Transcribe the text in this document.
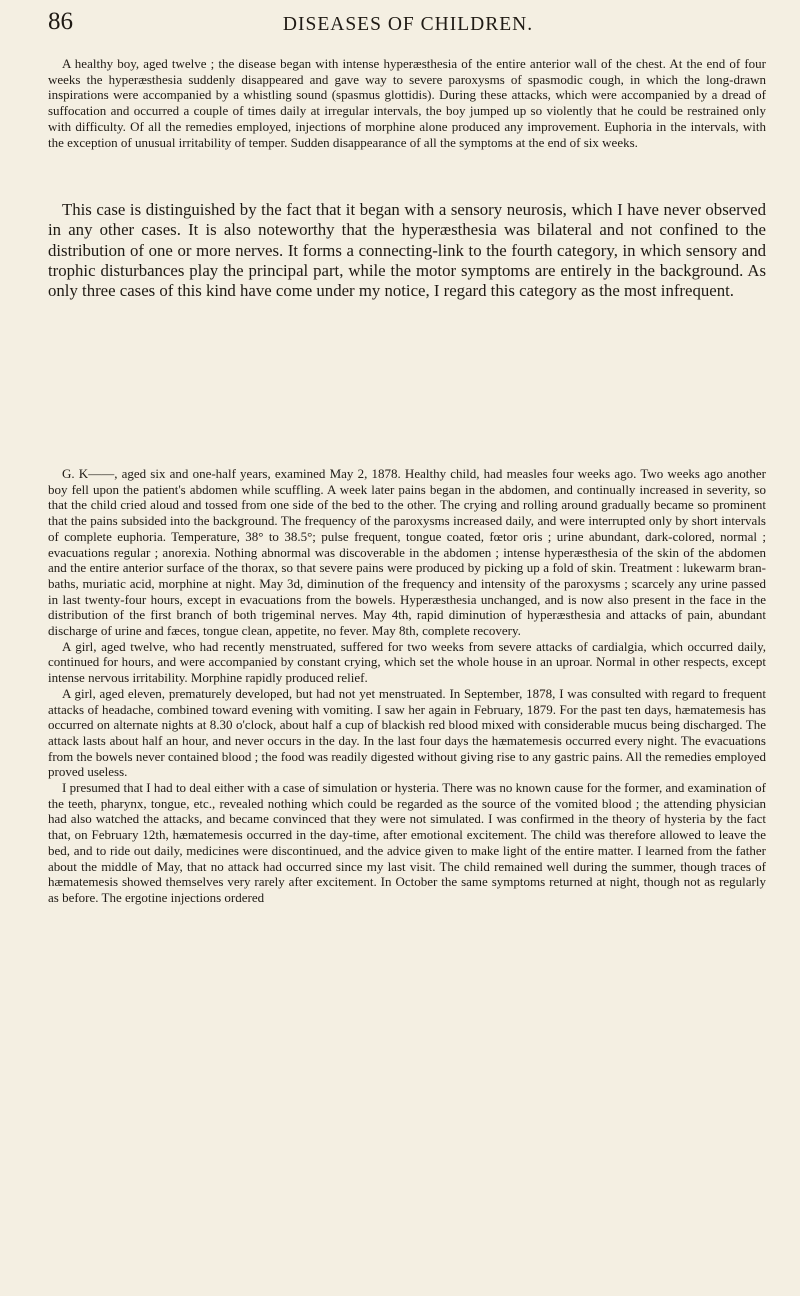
86	DISEASES OF CHILDREN.

A healthy boy, aged twelve ; the disease began with intense hyperæsthesia of the entire anterior wall of the chest. At the end of four weeks the hyperæsthesia suddenly disappeared and gave way to severe paroxysms of spasmodic cough, in which the long-drawn inspirations were accompanied by a whistling sound (spasmus glottidis). During these attacks, which were accompanied by a dread of suffocation and occurred a couple of times daily at irregular intervals, the boy jumped up so violently that he could be restrained only with difficulty. Of all the remedies employed, injections of morphine alone produced any improvement. Euphoria in the intervals, with the exception of unusual irritability of temper. Sudden disappearance of all the symptoms at the end of six weeks.

This case is distinguished by the fact that it began with a sensory neurosis, which I have never observed in any other cases. It is also noteworthy that the hyperæsthesia was bilateral and not confined to the distribution of one or more nerves. It forms a connecting-link to the fourth category, in which sensory and trophic disturbances play the principal part, while the motor symptoms are entirely in the background. As only three cases of this kind have come under my notice, I regard this category as the most infrequent.

G. K——, aged six and one-half years, examined May 2, 1878. Healthy child, had measles four weeks ago. Two weeks ago another boy fell upon the patient's abdomen while scuffling. A week later pains began in the abdomen, and continually increased in severity, so that the child cried aloud and tossed from one side of the bed to the other. The crying and rolling around gradually became so prominent that the pains subsided into the background. The frequency of the paroxysms increased daily, and were interrupted only by short intervals of complete euphoria. Temperature, 38° to 38.5°; pulse frequent, tongue coated, fœtor oris ; urine abundant, dark-colored, normal ; evacuations regular ; anorexia. Nothing abnormal was discoverable in the abdomen ; intense hyperæsthesia of the skin of the abdomen and the entire anterior surface of the thorax, so that severe pains were produced by picking up a fold of skin. Treatment : lukewarm bran-baths, muriatic acid, morphine at night. May 3d, diminution of the frequency and intensity of the paroxysms ; scarcely any urine passed in last twenty-four hours, except in evacuations from the bowels. Hyperæsthesia unchanged, and is now also present in the face in the distribution of the first branch of both trigeminal nerves. May 4th, rapid diminution of hyperæsthesia and attacks of pain, abundant discharge of urine and fæces, tongue clean, appetite, no fever. May 8th, complete recovery.

A girl, aged twelve, who had recently menstruated, suffered for two weeks from severe attacks of cardialgia, which occurred daily, continued for hours, and were accompanied by constant crying, which set the whole house in an uproar. Normal in other respects, except intense nervous irritability. Morphine rapidly produced relief.

A girl, aged eleven, prematurely developed, but had not yet menstruated. In September, 1878, I was consulted with regard to frequent attacks of headache, combined toward evening with vomiting. I saw her again in February, 1879. For the past ten days, hæmatemesis has occurred on alternate nights at 8.30 o'clock, about half a cup of blackish red blood mixed with considerable mucus being discharged. The attack lasts about half an hour, and never occurs in the day. In the last four days the hæmatemesis occurred every night. The evacuations from the bowels never contained blood ; the food was readily digested without giving rise to any gastric pains. All the remedies employed proved useless.

I presumed that I had to deal either with a case of simulation or hysteria. There was no known cause for the former, and examination of the teeth, pharynx, tongue, etc., revealed nothing which could be regarded as the source of the vomited blood ; the attending physician had also watched the attacks, and became convinced that they were not simulated. I was confirmed in the theory of hysteria by the fact that, on February 12th, hæmatemesis occurred in the day-time, after emotional excitement. The child was therefore allowed to leave the bed, and to ride out daily, medicines were discontinued, and the advice given to make light of the entire matter. I learned from the father about the middle of May, that no attack had occurred since my last visit. The child remained well during the summer, though traces of hæmatemesis showed themselves very rarely after excitement. In October the same symptoms returned at night, though not as regularly as before. The ergotine injections ordered
